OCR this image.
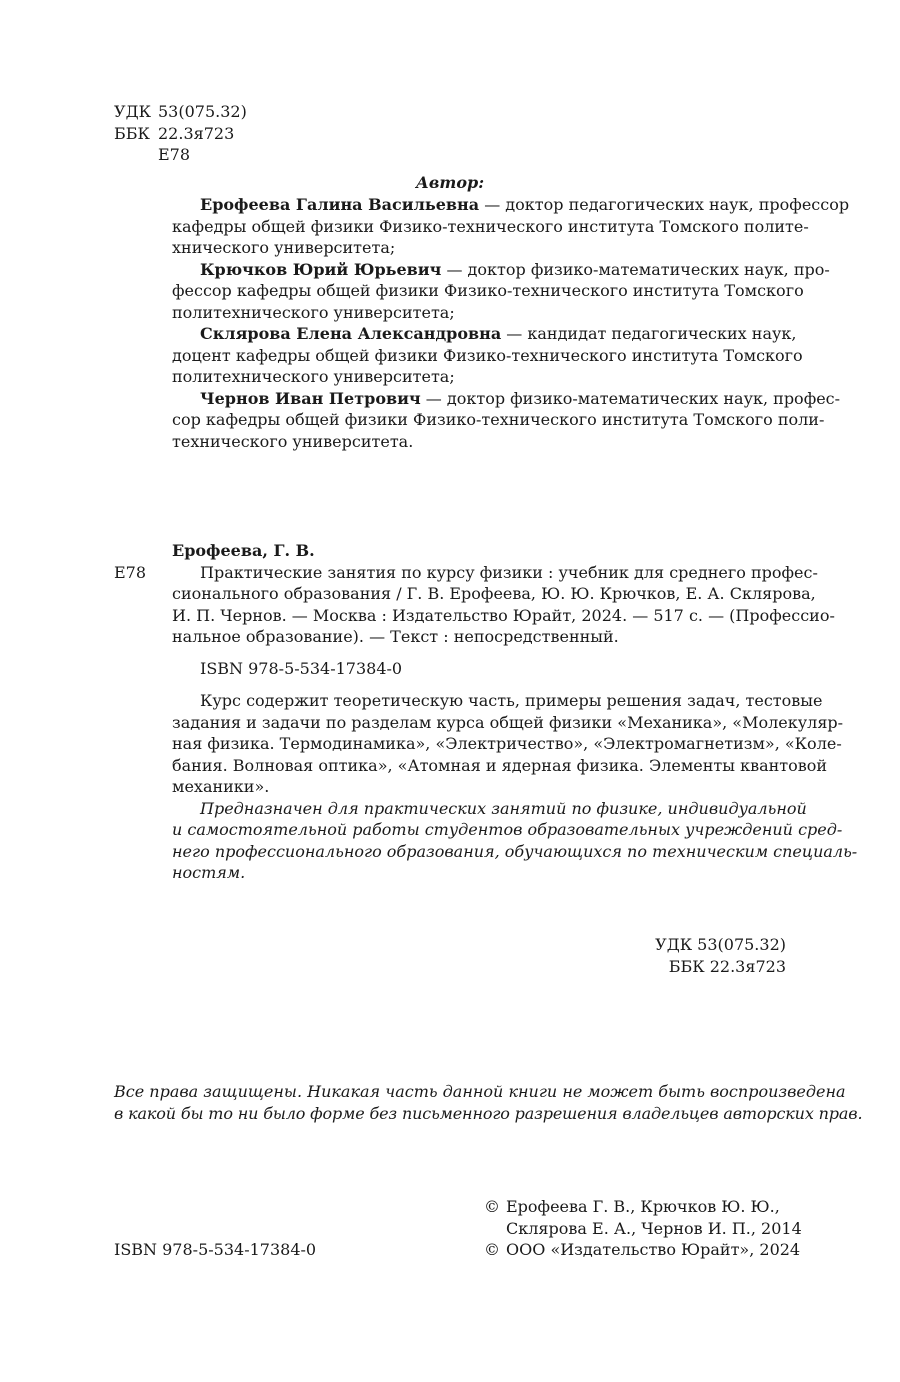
УДК 53(075.32)
ББК 22.3я723
Е78
Автор:
Ерофеева Галина Васильевна — доктор педагогических наук, профессор
кафедры общей физики Физико-технического института Томского полите-
хнического университета;
Крючков Юрий Юрьевич — доктор физико-математических наук, про-
фессор кафедры общей физики Физико-технического института Томского
политехнического университета;
Склярова Елена Александровна — кандидат педагогических наук,
доцент кафедры общей физики Физико-технического института Томского
политехнического университета;
Чернов Иван Петрович — доктор физико-математических наук, профес-
сор кафедры общей физики Физико-технического института Томского поли-
технического университета.
Ерофеева, Г. В.
Е78	Практические занятия по курсу физики : учебник для среднего профес-
сионального образования / Г. В. Ерофеева, Ю. Ю. Крючков, Е. А. Склярова,
И. П. Чернов. — Москва : Издательство Юрайт, 2024. — 517 с. — (Профессио-
нальное образование). — Текст : непосредственный.
ISBN 978-5-534-17384-0
Курс содержит теоретическую часть, примеры решения задач, тестовые
задания и задачи по разделам курса общей физики «Механика», «Молекуляр-
ная физика. Термодинамика», «Электричество», «Электромагнетизм», «Коле-
бания. Волновая оптика», «Атомная и ядерная физика. Элементы квантовой
механики».
Предназначен для практических занятий по физике, индивидуальной
и самостоятельной работы студентов образовательных учреждений сред-
него профессионального образования, обучающихся по техническим специаль-
ностям.
УДК 53(075.32)
ББК 22.3я723
Все права защищены. Никакая часть данной книги не может быть воспроизведена
в какой бы то ни было форме без письменного разрешения владельцев авторских прав.
ISBN 978-5-534-17384-0
© Ерофеева Г. В., Крючков Ю. Ю.,
Склярова Е. А., Чернов И. П., 2014
© ООО «Издательство Юрайт», 2024
